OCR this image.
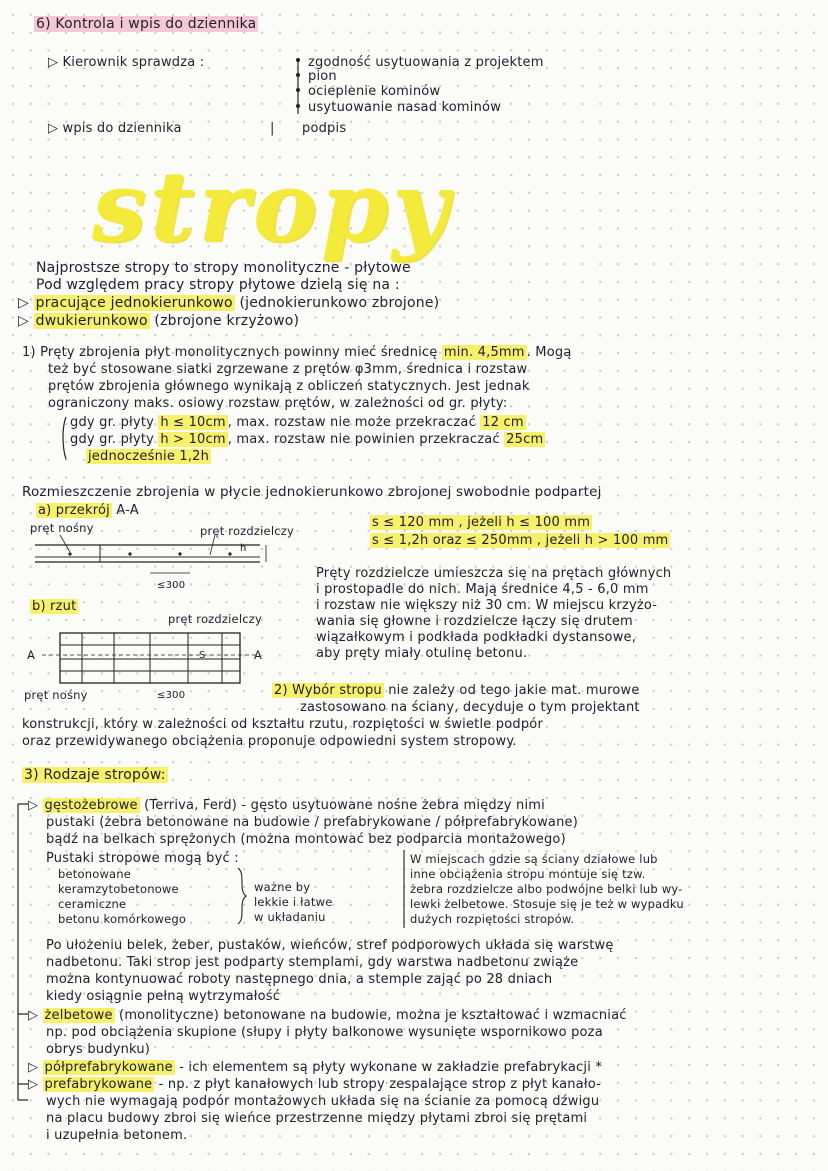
6) Kontrola i wpis do dziennika
▷ Kierownik sprawdza :	zgodność usytuowania z projektem
pion
ocieplenie kominów
usytuowanie nasad kominów
▷ wpis do dziennika	| podpis
stropy
Najprostsze stropy to stropy monolityczne - płytowe
Pod względem pracy stropy płytowe dzielą się na :
▷ pracujące jednokierunkowo (jednokierunkowo zbrojone)
▷ dwukierunkowo (zbrojone krzyżowo)
1) Pręty zbrojenia płyt monolitycznych powinny mieć średnicę min. 4,5mm . Mogą
też być stosowane siatki zgrzewane z prętów φ3mm, średnica i rozstaw
prętów zbrojenia głównego wynikają z obliczeń statycznych. Jest jednak
ograniczony maks. osiowy rozstaw prętów, w zależności od gr. płyty:
gdy gr. płyty h ≤ 10cm , max. rozstaw nie może przekraczać 12 cm
gdy gr. płyty h > 10cm , max. rozstaw nie powinien przekraczać 25cm
jednocześnie 1,2h
Rozmieszczenie zbrojenia w płycie jednokierunkowo zbrojonej swobodnie podpartej
a) przekrój A-A
pręt nośny	pręt rozdzielczy
s ≤ 120 mm , jeżeli h ≤ 100 mm
s ≤ 1,2h oraz ≤ 250mm , jeżeli h > 100 mm
h
≤300
b) rzut
pręt rozdzielczy
A	A
S
pręt nośny	≤300
Pręty rozdzielcze umieszcza się na prętach głównych
i prostopadle do nich. Mają średnice 4,5 - 6,0 mm
i rozstaw nie większy niż 30 cm. W miejscu krzyżo-
wania się głowne i rozdzielcze łączy się drutem
wiązałkowym i podkłada podkładki dystansowe,
aby pręty miały otulinę betonu.
2) Wybór stropu nie zależy od tego jakie mat. murowe
zastosowano na ściany, decyduje o tym projektant
konstrukcji, który w zależności od kształtu rzutu, rozpiętości w świetle podpór
oraz przewidywanego obciążenia proponuje odpowiedni system stropowy.
3) Rodzaje stropów:
▷ gęstożebrowe (Terriva, Ferd) - gęsto usytuowane nośne żebra między nimi
pustaki (żebra betonowane na budowie / prefabrykowane / półprefabrykowane)
bądź na belkach sprężonych (można montować bez podparcia montażowego)
Pustaki stropowe mogą być :
betonowane
keramzytobetonowe
ceramiczne
betonu komórkowego
ważne by
lekkie i łatwe
w układaniu
W miejscach gdzie są ściany działowe lub
inne obciążenia stropu montuje się tzw.
żebra rozdzielcze albo podwójne belki lub wy-
lewki żelbetowe. Stosuje się je też w wypadku
dużych rozpiętości stropów.
Po ułożeniu belek, żeber, pustaków, wieńców, stref podporowych układa się warstwę
nadbetonu. Taki strop jest podparty stemplami, gdy warstwa nadbetonu zwiąże
można kontynuować roboty następnego dnia, a stemple zająć po 28 dniach
kiedy osiągnie pełną wytrzymałość
▷ żelbetowe (monolityczne) betonowane na budowie, można je kształtować i wzmacniać
np. pod obciążenia skupione (słupy i płyty balkonowe wysunięte wspornikowo poza
obrys budynku)
▷ półprefabrykowane - ich elementem są płyty wykonane w zakładzie prefabrykacji *
▷ prefabrykowane - np. z płyt kanałowych lub stropy zespalające strop z płyt kanało-
wych nie wymagają podpór montażowych układa się na ścianie za pomocą dźwigu
na placu budowy zbroi się wieńce przestrzenne między płytami zbroi się prętami
i uzupełnia betonem.
